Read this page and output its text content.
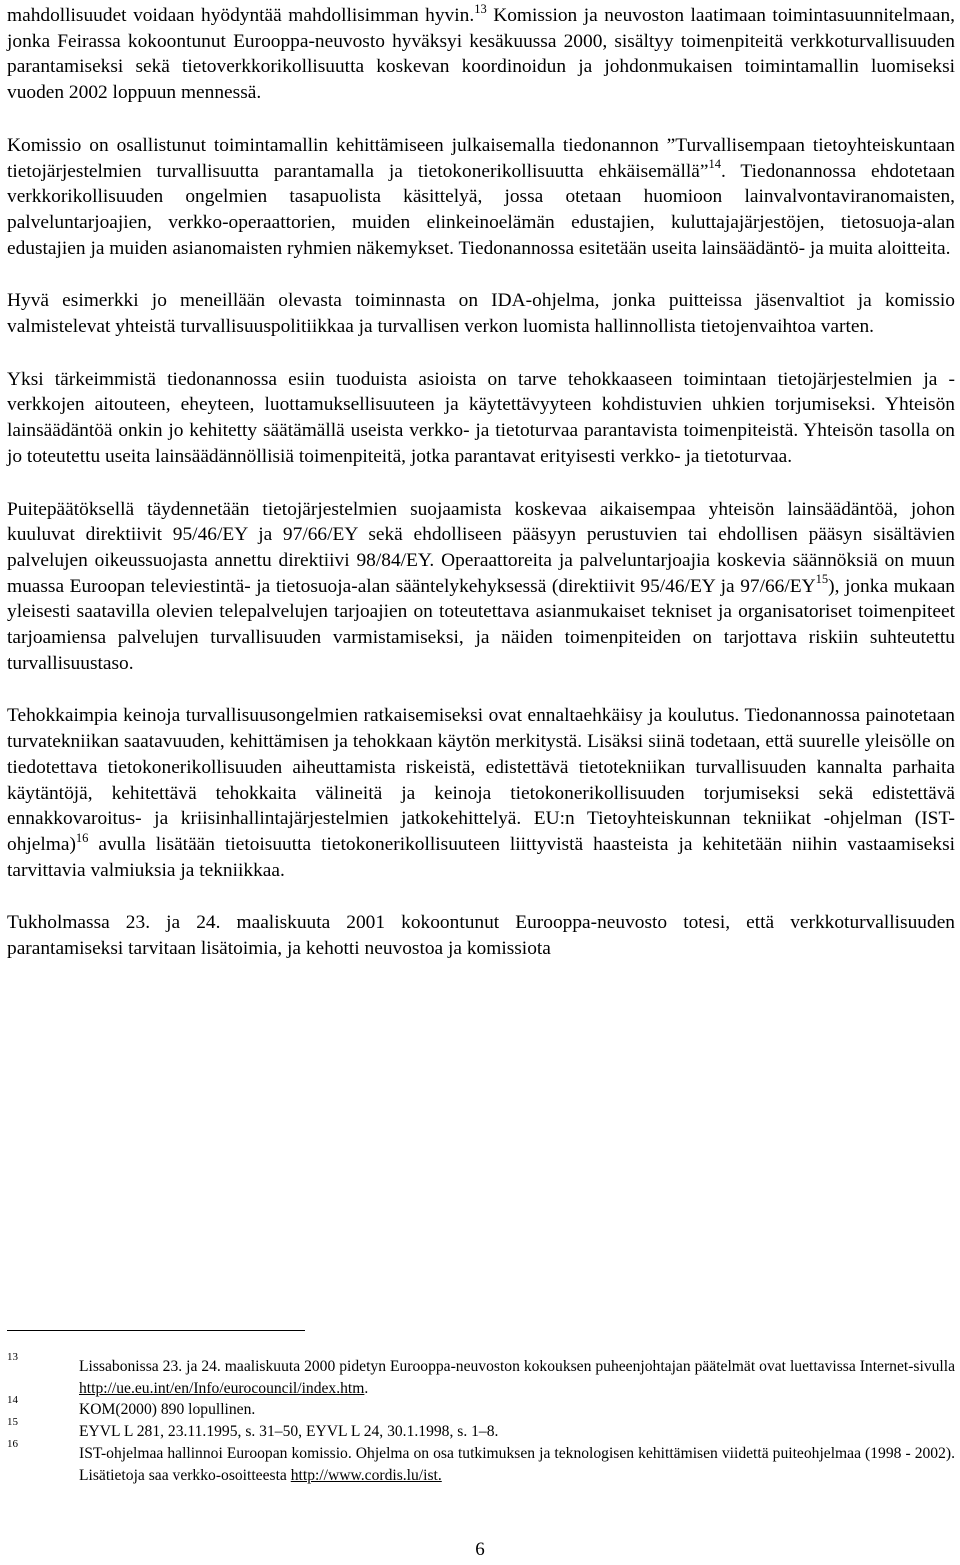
mahdollisuudet voidaan hyödyntää mahdollisimman hyvin.$^{13}$ Komission ja neuvoston laatimaan toimintasuunnitelmaan, jonka Feirassa kokoontunut Eurooppa-neuvosto hyväksyi kesäkuussa 2000, sisältyy toimenpiteitä verkkoturvallisuuden parantamiseksi sekä tietoverkkorikollisuutta koskevan koordinoidun ja johdonmukaisen toimintamallin luomiseksi vuoden 2002 loppuun mennessä.

Komissio on osallistunut toimintamallin kehittämiseen julkaisemalla tiedonannon ”Turvallisempaan tietoyhteiskuntaan tietojärjestelmien turvallisuutta parantamalla ja tietokonerikollisuutta ehkäisemällä”$^{14}$. Tiedonannossa ehdotetaan verkkorikollisuuden ongelmien tasapuolista käsittelyä, jossa otetaan huomioon lainvalvontaviranomaisten, palveluntarjoajien, verkko-operaattorien, muiden elinkeinoelämän edustajien, kuluttajajärjestöjen, tietosuoja-alan edustajien ja muiden asianomaisten ryhmien näkemykset. Tiedonannossa esitetään useita lainsäädäntö- ja muita aloitteita.

Hyvä esimerkki jo meneillään olevasta toiminnasta on IDA-ohjelma, jonka puitteissa jäsenvaltiot ja komissio valmistelevat yhteistä turvallisuuspolitiikkaa ja turvallisen verkon luomista hallinnollista tietojenvaihtoa varten.

Yksi tärkeimmistä tiedonannossa esiin tuoduista asioista on tarve tehokkaaseen toimintaan tietojärjestelmien ja -verkkojen aitouteen, eheyteen, luottamuksellisuuteen ja käytettävyyteen kohdistuvien uhkien torjumiseksi. Yhteisön lainsäädäntöä onkin jo kehitetty säätämällä useista verkko- ja tietoturvaa parantavista toimenpiteistä. Yhteisön tasolla on jo toteutettu useita lainsäädännöllisiä toimenpiteitä, jotka parantavat erityisesti verkko- ja tietoturvaa.

Puitepäätöksellä täydennetään tietojärjestelmien suojaamista koskevaa aikaisempaa yhteisön lainsäädäntöä, johon kuuluvat direktiivit 95/46/EY ja 97/66/EY sekä ehdolliseen pääsyyn perustuvien tai ehdollisen pääsyn sisältävien palvelujen oikeussuojasta annettu direktiivi 98/84/EY. Operaattoreita ja palveluntarjoajia koskevia säännöksiä on muun muassa Euroopan televiestintä- ja tietosuoja-alan sääntelykehyksessä (direktiivit 95/46/EY ja 97/66/EY$^{15}$), jonka mukaan yleisesti saatavilla olevien telepalvelujen tarjoajien on toteutettava asianmukaiset tekniset ja organisatoriset toimenpiteet tarjoamiensa palvelujen turvallisuuden varmistamiseksi, ja näiden toimenpiteiden on tarjottava riskiin suhteutettu turvallisuustaso.

Tehokkaimpia keinoja turvallisuusongelmien ratkaisemiseksi ovat ennaltaehkäisy ja koulutus. Tiedonannossa painotetaan turvatekniikan saatavuuden, kehittämisen ja tehokkaan käytön merkitystä. Lisäksi siinä todetaan, että suurelle yleisölle on tiedotettava tietokonerikollisuuden aiheuttamista riskeistä, edistettävä tietotekniikan turvallisuuden kannalta parhaita käytäntöjä, kehitettävä tehokkaita välineitä ja keinoja tietokonerikollisuuden torjumiseksi sekä edistettävä ennakkovaroitus- ja kriisinhallintajärjestelmien jatkokehittelyä. EU:n Tietoyhteiskunnan tekniikat -ohjelman (IST-ohjelma)$^{16}$ avulla lisätään tietoisuutta tietokonerikollisuuteen liittyvistä haasteista ja kehitetään niihin vastaamiseksi tarvittavia valmiuksia ja tekniikkaa.

Tukholmassa 23. ja 24. maaliskuuta 2001 kokoontunut Eurooppa-neuvosto totesi, että verkkoturvallisuuden parantamiseksi tarvitaan lisätoimia, ja kehotti neuvostoa ja komissiota

13
Lissabonissa 23. ja 24. maaliskuuta 2000 pidetyn Eurooppa-neuvoston kokouksen puheenjohtajan päätelmät ovat luettavissa Internet-sivulla http://ue.eu.int/en/Info/eurocouncil/index.htm.
14
KOM(2000) 890 lopullinen.
15
EYVL L 281, 23.11.1995, s. 31–50, EYVL L 24, 30.1.1998, s. 1–8.
16
IST-ohjelmaa hallinnoi Euroopan komissio. Ohjelma on osa tutkimuksen ja teknologisen kehittämisen viidettä puiteohjelmaa (1998 - 2002). Lisätietoja saa verkko-osoitteesta http://www.cordis.lu/ist.
6
